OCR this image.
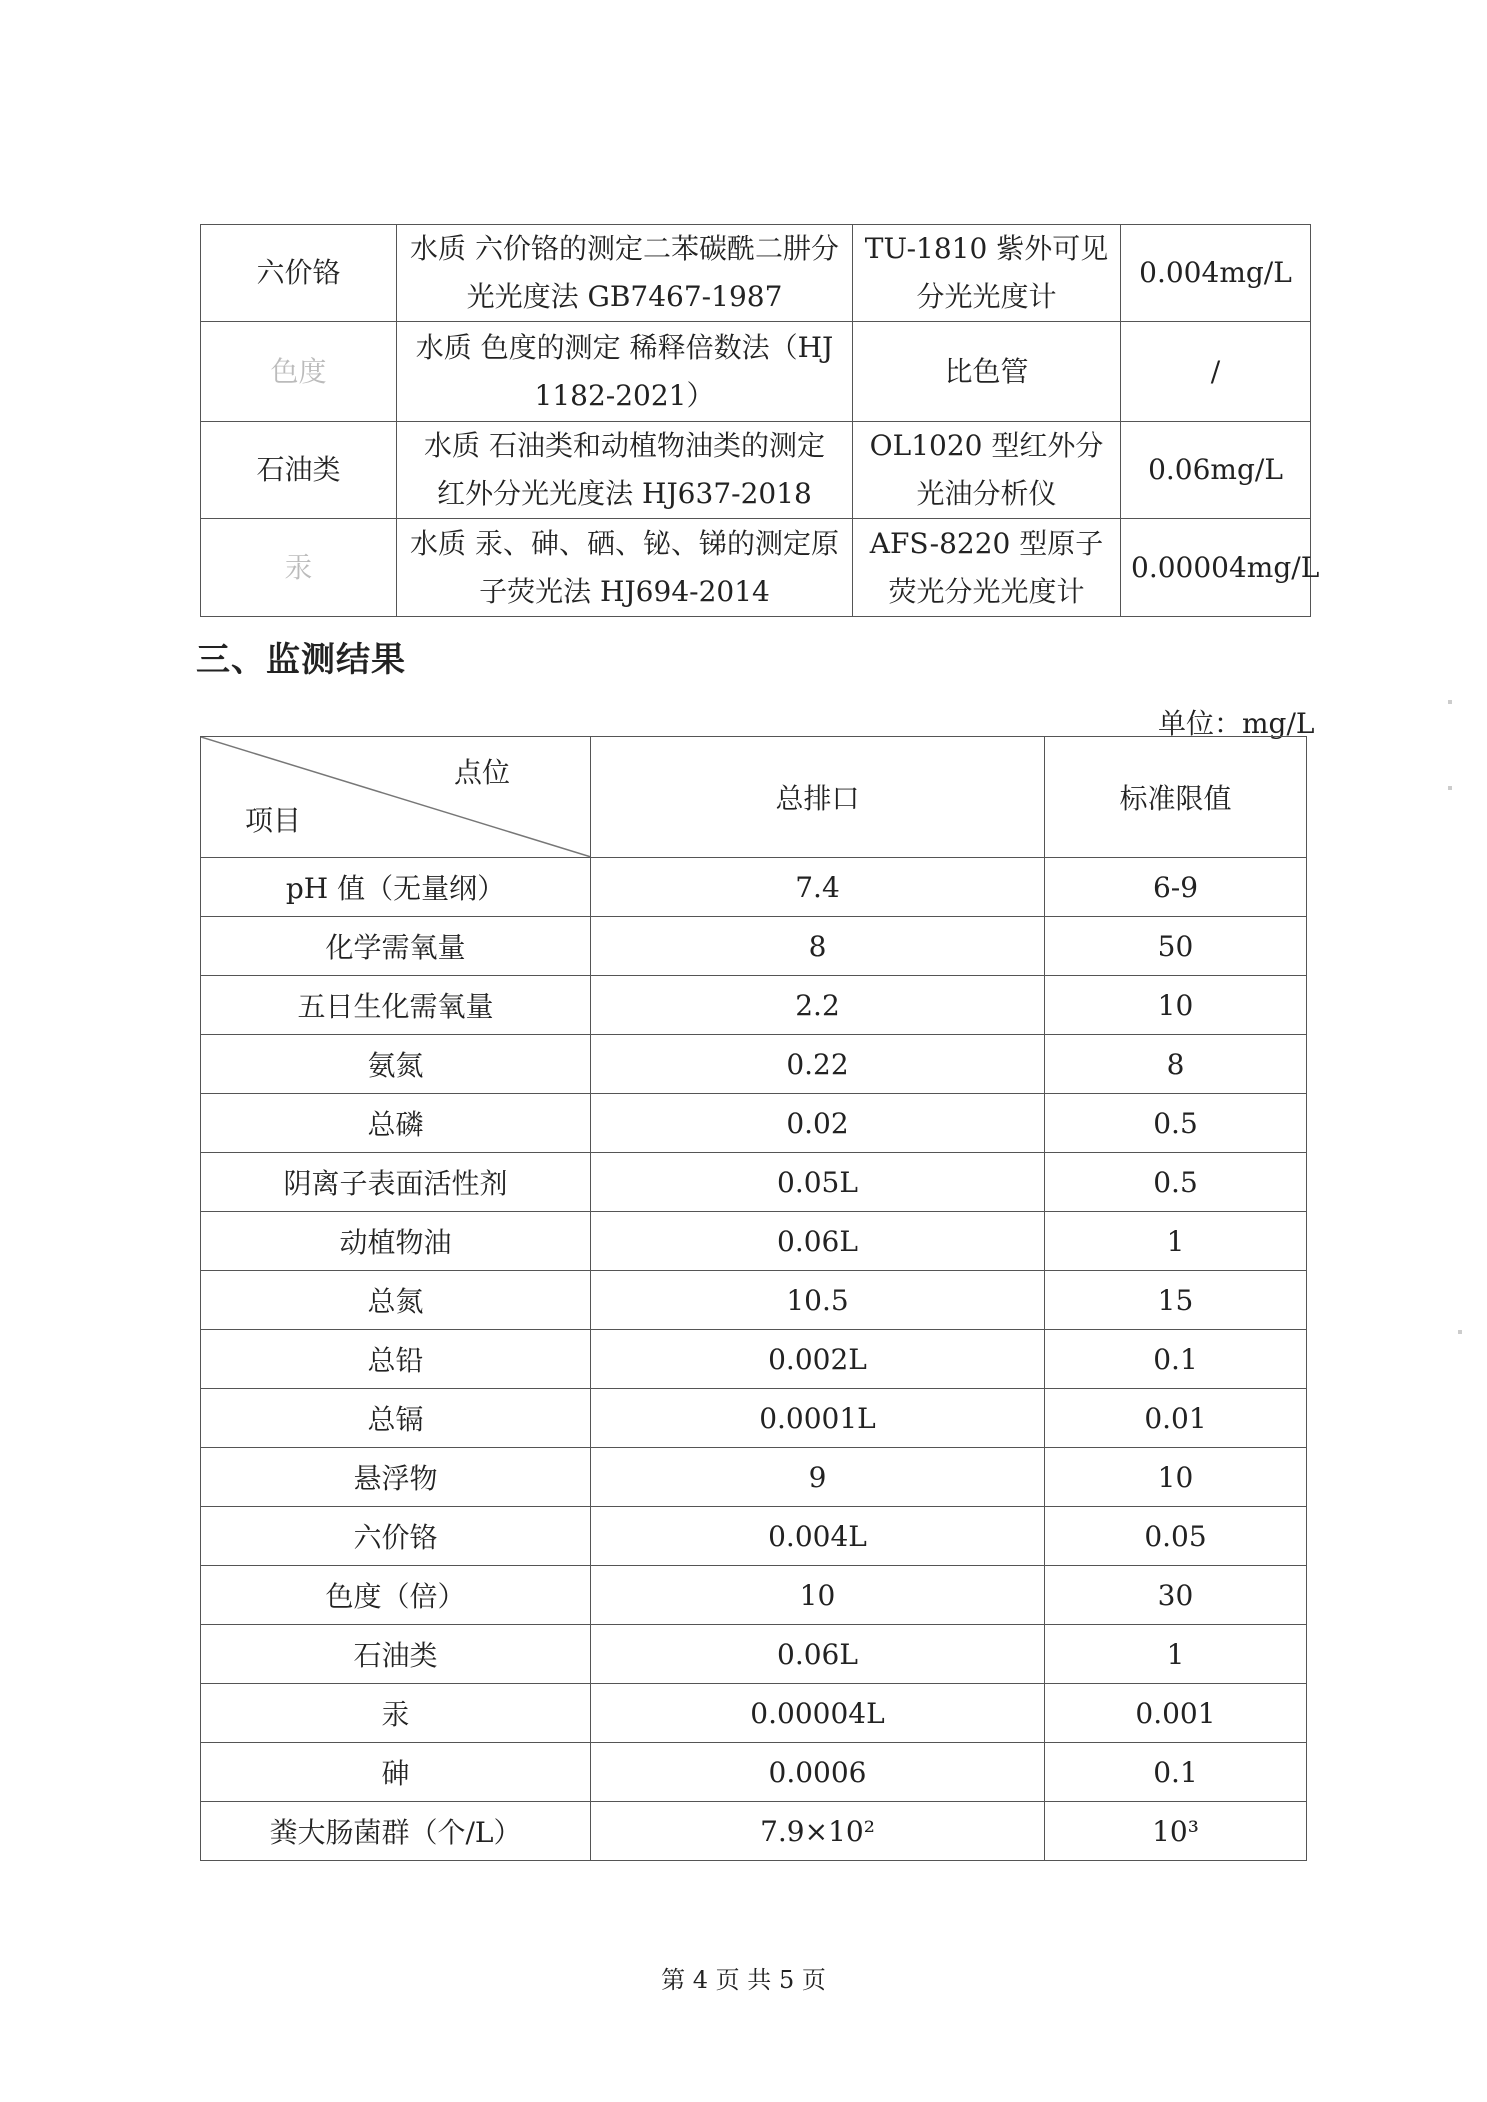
六价铬	水质 六价铬的测定二苯碳酰二肼分光光度法 GB7467-1987	TU-1810 紫外可见分光光度计	0.004mg/L
色度	水质 色度的测定 稀释倍数法（HJ 1182-2021）	比色管	/
石油类	水质 石油类和动植物油类的测定 红外分光光度法 HJ637-2018	OL1020 型红外分光油分析仪	0.06mg/L
汞	水质 汞、砷、硒、铋、锑的测定原子荧光法 HJ694-2014	AFS-8220 型原子荧光分光光度计	0.00004mg/L
三、监测结果
单位：mg/L
点位
项目	总排口	标准限值
pH 值（无量纲）	7.4	6-9
化学需氧量	8	50
五日生化需氧量	2.2	10
氨氮	0.22	8
总磷	0.02	0.5
阴离子表面活性剂	0.05L	0.5
动植物油	0.06L	1
总氮	10.5	15
总铅	0.002L	0.1
总镉	0.0001L	0.01
悬浮物	9	10
六价铬	0.004L	0.05
色度（倍）	10	30
石油类	0.06L	1
汞	0.00004L	0.001
砷	0.0006	0.1
粪大肠菌群（个/L）	7.9×10²	10³
第 4 页 共 5 页
